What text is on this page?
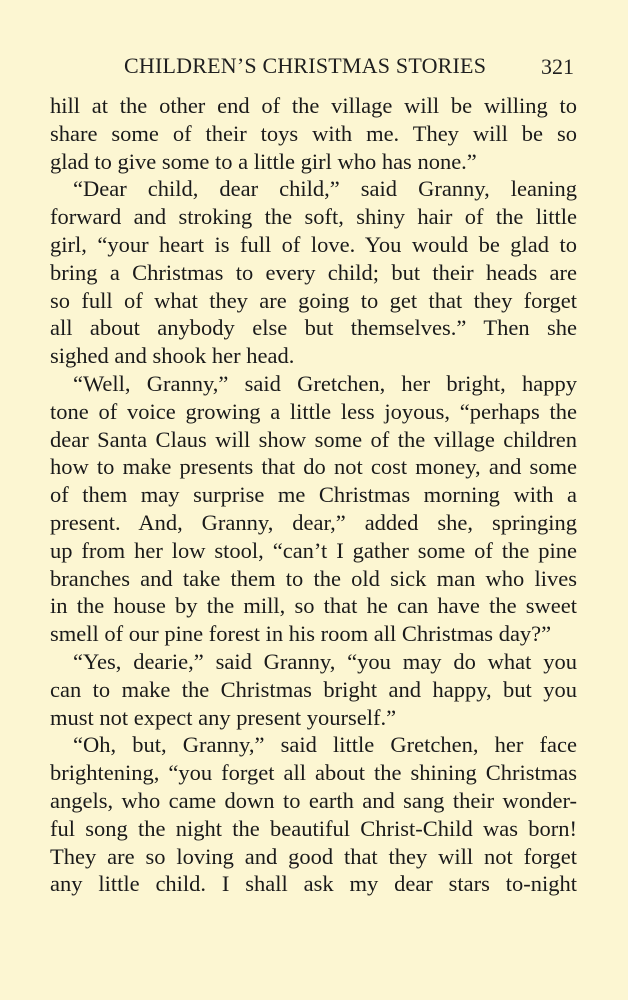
CHILDREN’S CHRISTMAS STORIES 321
hill at the other end of the village will be willing to
share some of their toys with me. They will be so
glad to give some to a little girl who has none.”
“Dear child, dear child,” said Granny, leaning
forward and stroking the soft, shiny hair of the little
girl, “your heart is full of love. You would be glad to
bring a Christmas to every child; but their heads are
so full of what they are going to get that they forget
all about anybody else but themselves.” Then she
sighed and shook her head.
“Well, Granny,” said Gretchen, her bright, happy
tone of voice growing a little less joyous, “perhaps the
dear Santa Claus will show some of the village children
how to make presents that do not cost money, and some
of them may surprise me Christmas morning with a
present. And, Granny, dear,” added she, springing
up from her low stool, “can’t I gather some of the pine
branches and take them to the old sick man who lives
in the house by the mill, so that he can have the sweet
smell of our pine forest in his room all Christmas day?”
“Yes, dearie,” said Granny, “you may do what you
can to make the Christmas bright and happy, but you
must not expect any present yourself.”
“Oh, but, Granny,” said little Gretchen, her face
brightening, “you forget all about the shining Christmas
angels, who came down to earth and sang their wonder-
ful song the night the beautiful Christ-Child was born!
They are so loving and good that they will not forget
any little child. I shall ask my dear stars to-night
